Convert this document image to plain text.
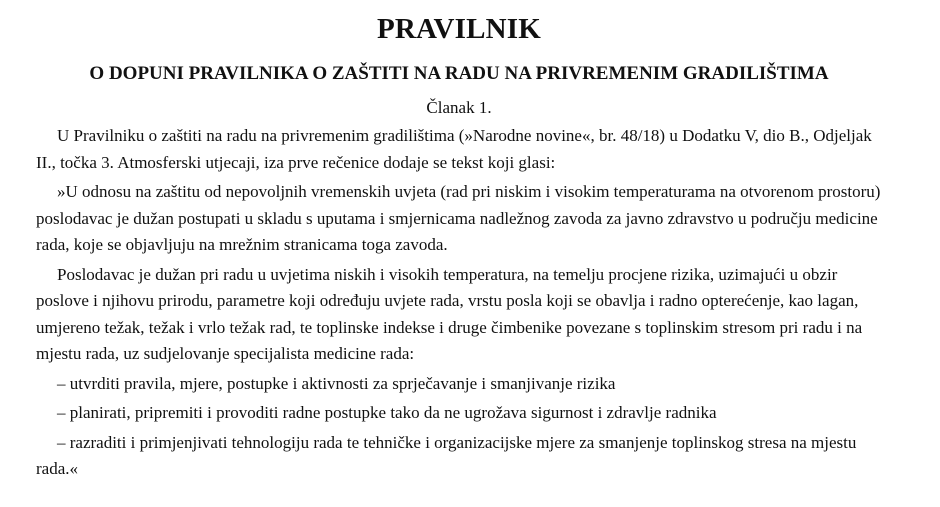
PRAVILNIK
O DOPUNI PRAVILNIKA O ZAŠTITI NA RADU NA PRIVREMENIM GRADILIŠTIMA
Članak 1.

U Pravilniku o zaštiti na radu na privremenim gradilištima (»Narodne novine«, br. 48/18) u Dodatku V, dio B., Odjeljak II., točka 3. Atmosferski utjecaji, iza prve rečenice dodaje se tekst koji glasi:

»U odnosu na zaštitu od nepovoljnih vremenskih uvjeta (rad pri niskim i visokim temperaturama na otvorenom prostoru) poslodavac je dužan postupati u skladu s uputama i smjernicama nadležnog zavoda za javno zdravstvo u području medicine rada, koje se objavljuju na mrežnim stranicama toga zavoda.

Poslodavac je dužan pri radu u uvjetima niskih i visokih temperatura, na temelju procjene rizika, uzimajući u obzir poslove i njihovu prirodu, parametre koji određuju uvjete rada, vrstu posla koji se obavlja i radno opterećenje, kao lagan, umjereno težak, težak i vrlo težak rad, te toplinske indekse i druge čimbenike povezane s toplinskim stresom pri radu i na mjestu rada, uz sudjelovanje specijalista medicine rada:

– utvrditi pravila, mjere, postupke i aktivnosti za sprječavanje i smanjivanje rizika

– planirati, pripremiti i provoditi radne postupke tako da ne ugrožava sigurnost i zdravlje radnika

– razraditi i primjenjivati tehnologiju rada te tehničke i organizacijske mjere za smanjenje toplinskog stresa na mjestu rada.«
